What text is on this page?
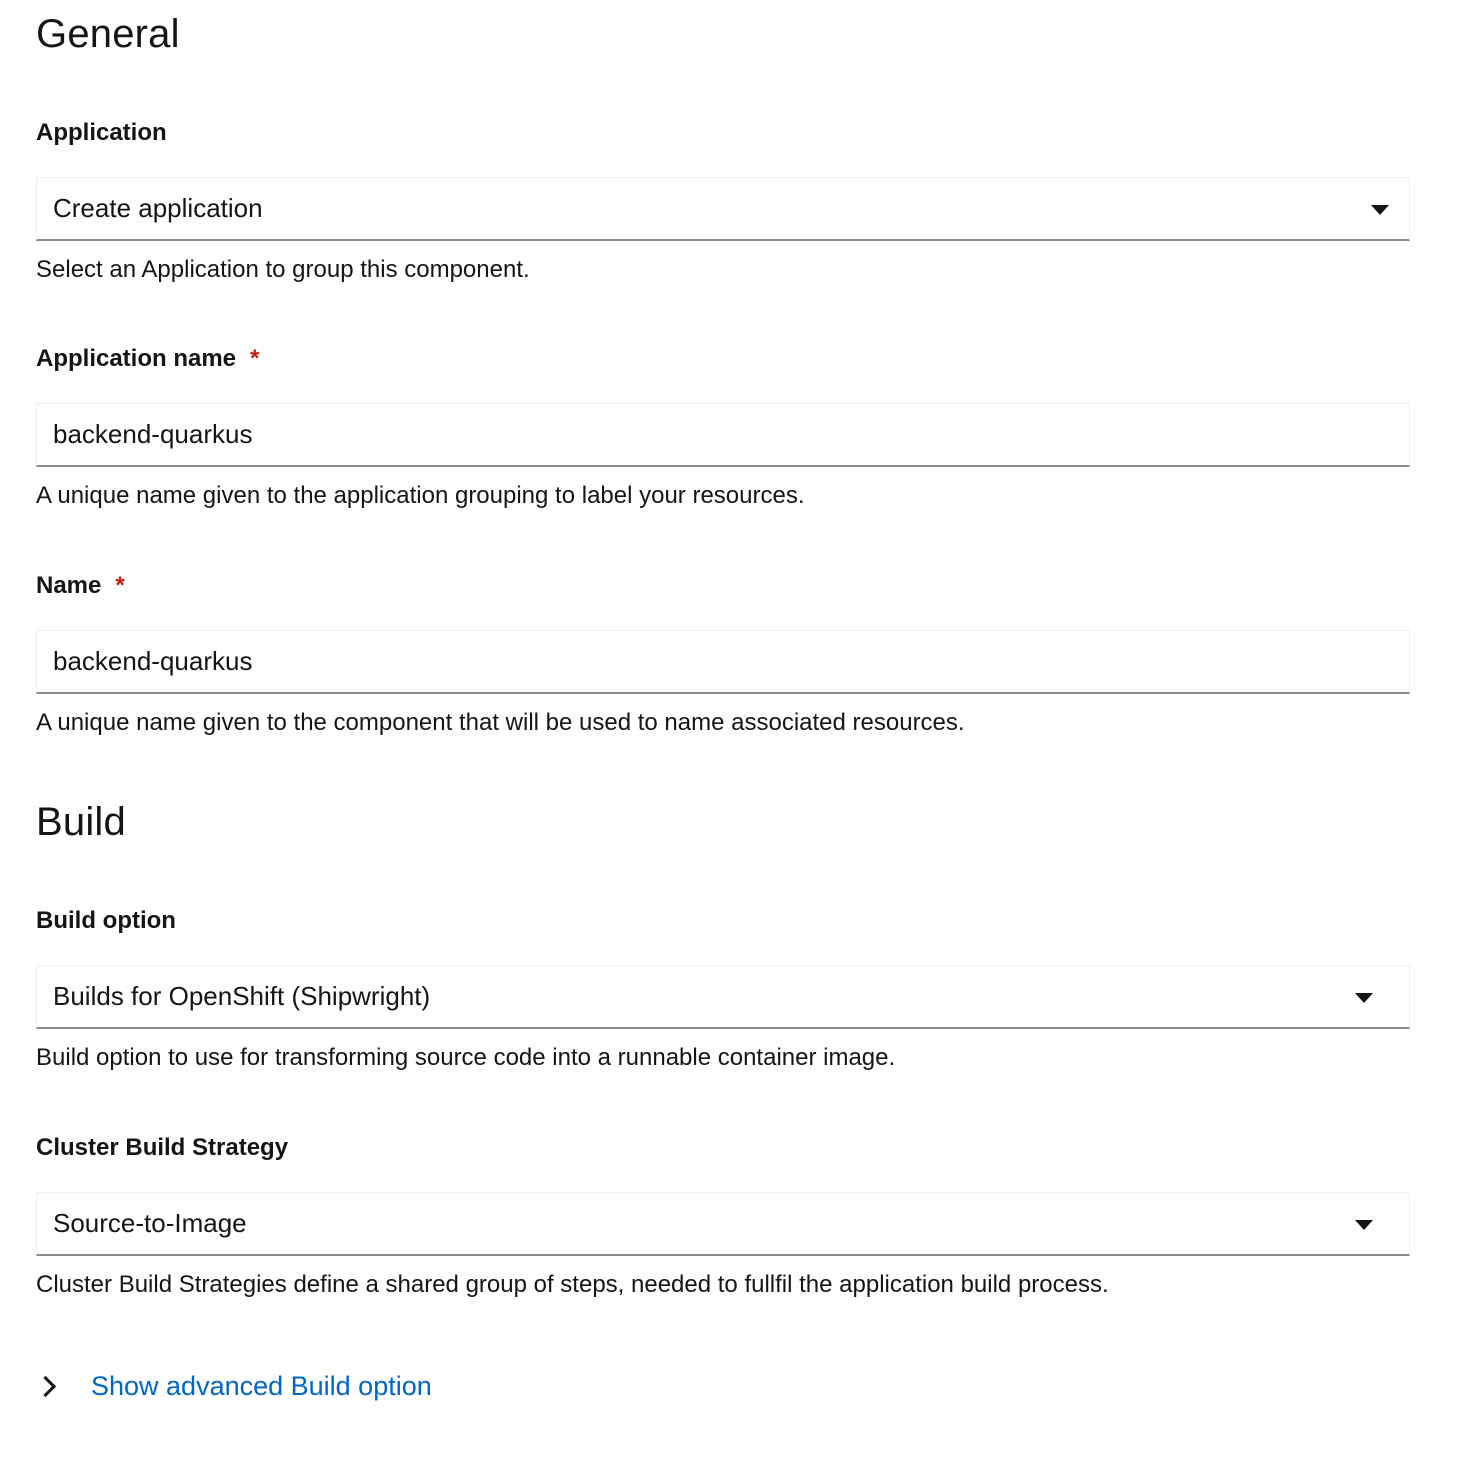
General
Application
Create application
Select an Application to group this component.
Application name *
backend-quarkus
A unique name given to the application grouping to label your resources.
Name *
backend-quarkus
A unique name given to the component that will be used to name associated resources.
Build
Build option
Builds for OpenShift (Shipwright)
Build option to use for transforming source code into a runnable container image.
Cluster Build Strategy
Source-to-Image
Cluster Build Strategies define a shared group of steps, needed to fullfil the application build process.
Show advanced Build option
